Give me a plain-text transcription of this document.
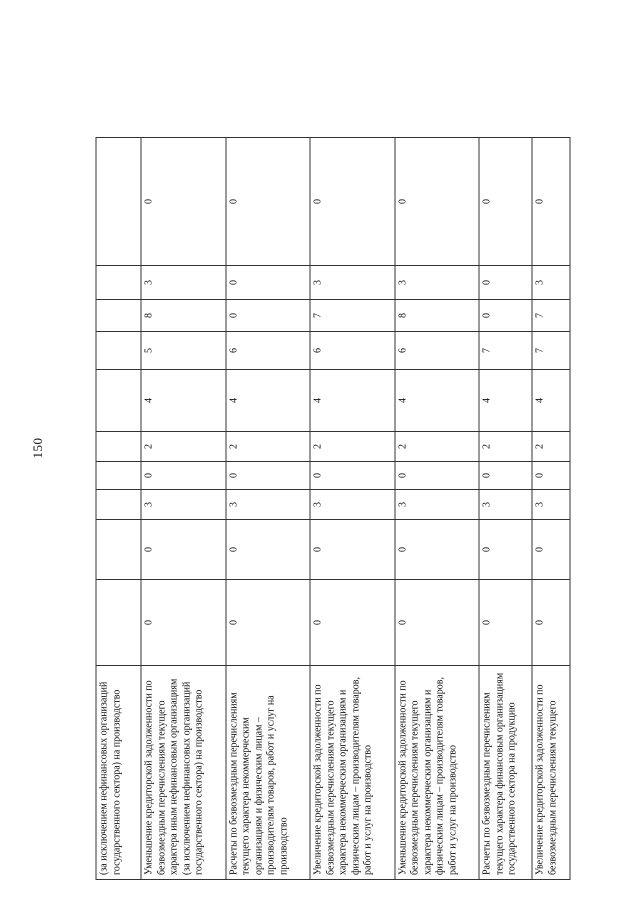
150
(за исключением нефинансовых организаций государственного сектора) на производство										
Уменьшение кредиторской задолженности по безвозмездным перечислениям текущего характера иным нефинансовым организациям (за исключением нефинансовых организаций государственного сектора) на производство	0	0	3	0	2	4	5	8	3	0
Расчеты по безвозмездным перечислениям текущего характера некоммерческим организациям и физическим лицам – производителям товаров, работ и услуг на производство	0	0	3	0	2	4	6	0	0	0
Увеличение кредиторской задолженности по безвозмездным перечислениям текущего характера некоммерческим организациям и физическим лицам – производителям товаров, работ и услуг на производство	0	0	3	0	2	4	6	7	3	0
Уменьшение кредиторской задолженности по безвозмездным перечислениям текущего характера некоммерческим организациям и физическим лицам – производителям товаров, работ и услуг на производство	0	0	3	0	2	4	6	8	3	0
Расчеты по безвозмездным перечислениям текущего характера финансовым организациям государственного сектора на продукцию	0	0	3	0	2	4	7	0	0	0
Увеличение кредиторской задолженности по безвозмездным перечислениям текущего	0	0	3	0	2	4	7	7	3	0
